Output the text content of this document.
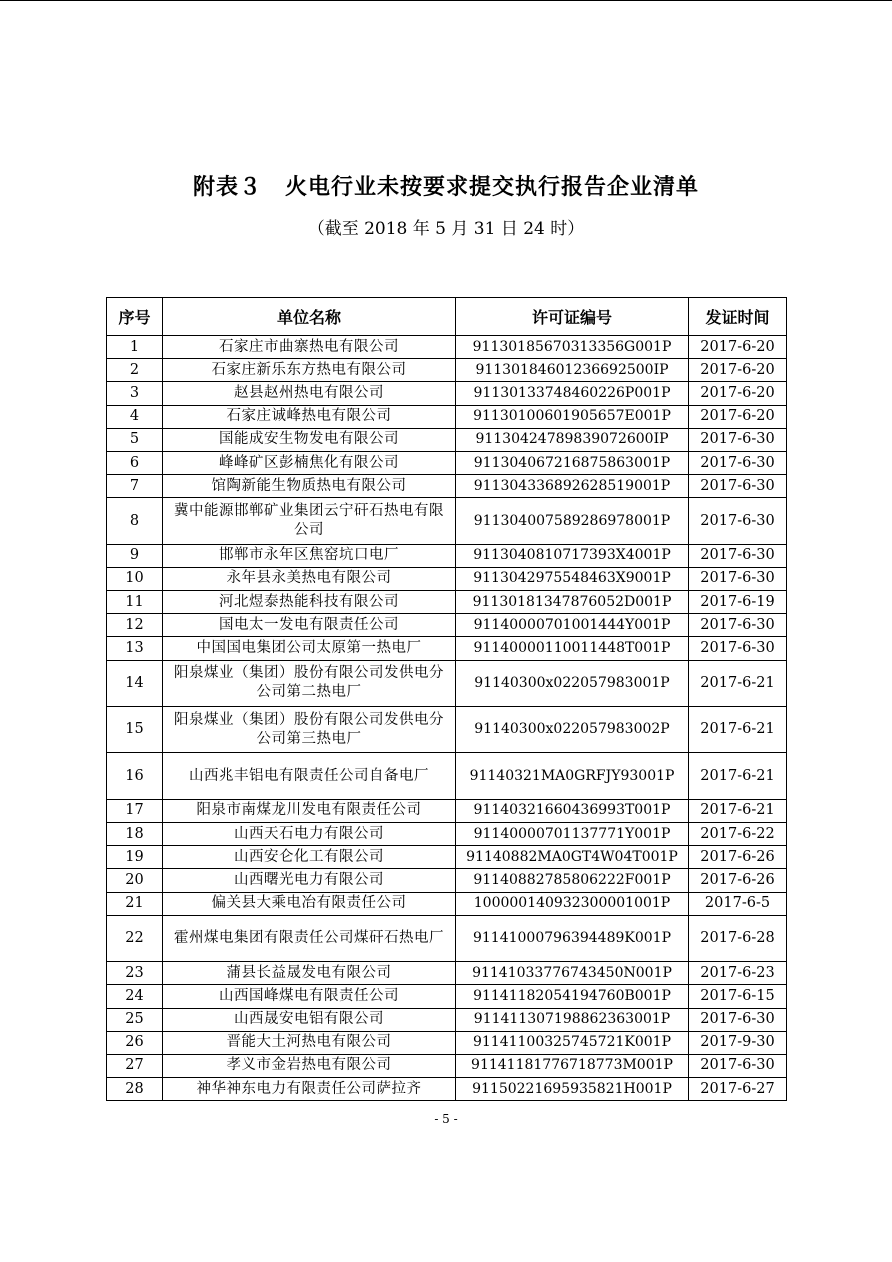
附表３　火电行业未按要求提交执行报告企业清单
（截至 2018 年 5 月 31 日 24 时）
序号	单位名称	许可证编号	发证时间
1	石家庄市曲寨热电有限公司	91130185670313356G001P	2017-6-20
2	石家庄新乐东方热电有限公司	91130184601236692500IP	2017-6-20
3	赵县赵州热电有限公司	9113013374846022​6P001P	2017-6-20
4	石家庄诚峰热电有限公司	91130100601905657E001P	2017-6-20
5	国能成安生物发电有限公司	91130424789839072600IP	2017-6-30
6	峰峰矿区彭楠焦化有限公司	911304067216875863001P	2017-6-30
7	馆陶新能生物质热电有限公司	911304336892628519001P	2017-6-30
8	冀中能源邯郸矿业集团云宁矸石热电有限公司	911304007589286978001P	2017-6-30
9	邯郸市永年区焦窑坑口电厂	9113040810717393X4001P	2017-6-30
10	永年县永美热电有限公司	91130429755484​63X9001P	2017-6-30
11	河北煜泰热能科技有限公司	91130181347876052D001P	2017-6-19
12	国电太一发电有限责任公司	9114000070100144​4Y001P	2017-6-30
13	中国国电集团公司太原第一热电厂	91140000110011448T001P	2017-6-30
14	阳泉煤业（集团）股份有限公司发供电分公司第二热电厂	91140300x022057983001P	2017-6-21
15	阳泉煤业（集团）股份有限公司发供电分公司第三热电厂	91140300x022057983002P	2017-6-21
16	山西兆丰铝电有限责任公司自备电厂	91140321MA0GRFJY93001P	2017-6-21
17	阳泉市南煤龙川发电有限责任公司	91140321660436993T001P	2017-6-21
18	山西天石电力有限公司	91140000701137771Y001P	2017-6-22
19	山西安仑化工有限公司	91140882MA0GT4W04T001P	2017-6-26
20	山西曙光电力有限公司	91140882785806222F001P	2017-6-26
21	偏关县大乘电冶有限责任公司	100000140932300001001P	2017-6-5
22	霍州煤电集团有限责任公司煤矸石热电厂	91141000796394489K001P	2017-6-28
23	蒲县长益晟发电有限公司	91141033776743450N001P	2017-6-23
24	山西国峰煤电有限责任公司	91141182054194760B001P	2017-6-15
25	山西晟安电铝有限公司	911411307198862363001P	2017-6-30
26	晋能大土河热电有限公司	91141100325745721K001P	2017-9-30
27	孝义市金岩热电有限公司	91141181776718773M001P	2017-6-30
28	神华神东电力有限责任公司萨拉齐	91150221695935821H001P	2017-6-27
- 5 -
